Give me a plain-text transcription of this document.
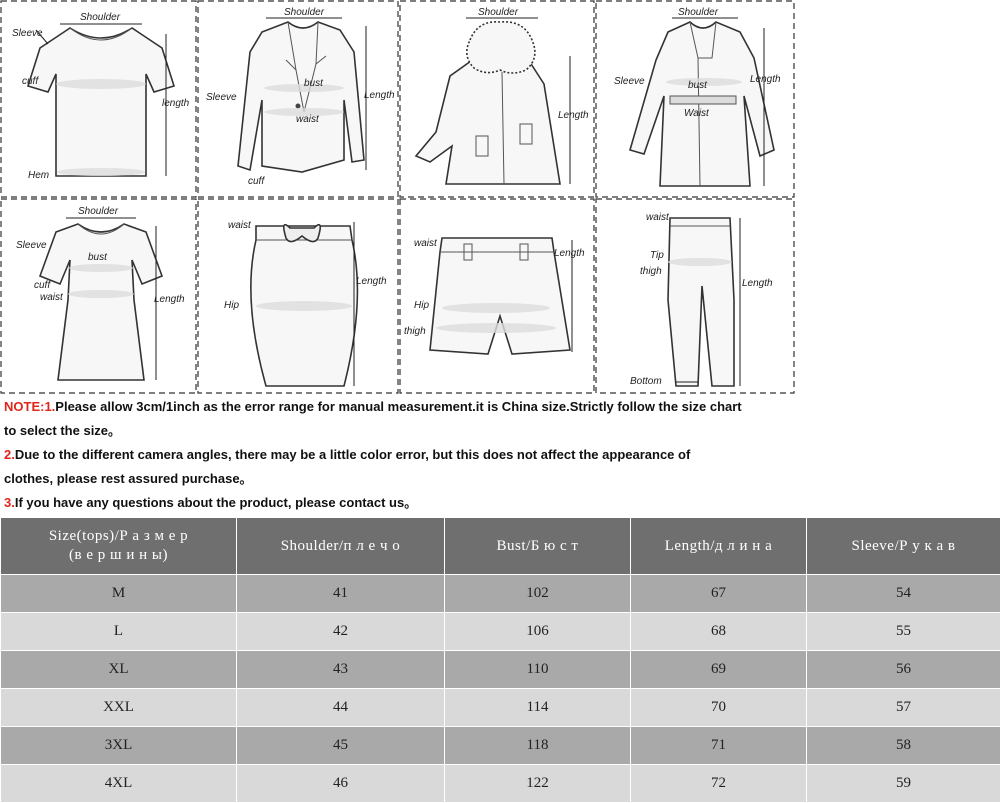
Shoulder
Sleeve
cuff
length
Hem
Shoulder
Sleeve
bust
waist
Length
cuff
Shoulder
Length
Shoulder
Sleeve	bust
Waist
Length
Shoulder
Sleeve
bust
cuff
waist	Length
waist
Hip
Length
waist
Length
Hip
thigh
waist
Tip
thigh
Length
Bottom
NOTE:1.Please allow 3cm/1inch as the error range for manual measurement.it is China size.Strictly follow the size chart
to select the size。
2.Due to the different camera angles, there may be a little color error, but this does not affect the appearance of
clothes, please rest assured purchase。
3.If you have any questions about the product, please contact us。
Size(tops)/Р а з м е р
(в е р ш и н ы)	Shoulder/п л е ч о	Bust/Б ю с т	Length/д л и н а	Sleeve/Р у к а в
M	41	102	67	54
L	42	106	68	55
XL	43	110	69	56
XXL	44	114	70	57
3XL	45	118	71	58
4XL	46	122	72	59
